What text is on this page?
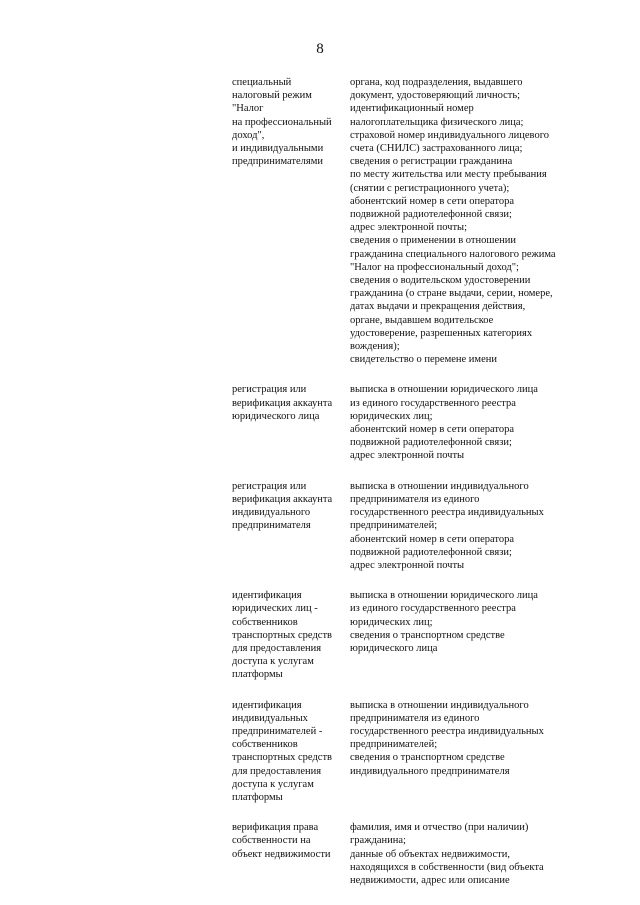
8
специальный
налоговый режим
"Налог
на профессиональный
доход",
и индивидуальными
предпринимателями
органа, код подразделения, выдавшего
документ, удостоверяющий личность;
идентификационный номер
налогоплательщика физического лица;
страховой номер индивидуального лицевого
счета (СНИЛС) застрахованного лица;
сведения о регистрации гражданина
по месту жительства или месту пребывания
(снятии с регистрационного учета);
абонентский номер в сети оператора
подвижной радиотелефонной связи;
адрес электронной почты;
сведения о применении в отношении
гражданина специального налогового режима
"Налог на профессиональный доход";
сведения о водительском удостоверении
гражданина (о стране выдачи, серии, номере,
датах выдачи и прекращения действия,
органе, выдавшем водительское
удостоверение, разрешенных категориях
вождения);
свидетельство о перемене имени
регистрация или
верификация аккаунта
юридического лица
выписка в отношении юридического лица
из единого государственного реестра
юридических лиц;
абонентский номер в сети оператора
подвижной радиотелефонной связи;
адрес электронной почты
регистрация или
верификация аккаунта
индивидуального
предпринимателя
выписка в отношении индивидуального
предпринимателя из единого
государственного реестра индивидуальных
предпринимателей;
абонентский номер в сети оператора
подвижной радиотелефонной связи;
адрес электронной почты
идентификация
юридических лиц -
собственников
транспортных средств
для предоставления
доступа к услугам
платформы
выписка в отношении юридического лица
из единого государственного реестра
юридических лиц;
сведения о транспортном средстве
юридического лица
идентификация
индивидуальных
предпринимателей -
собственников
транспортных средств
для предоставления
доступа к услугам
платформы
выписка в отношении индивидуального
предпринимателя из единого
государственного реестра индивидуальных
предпринимателей;
сведения о транспортном средстве
индивидуального предпринимателя
верификация права
собственности на
объект недвижимости
фамилия, имя и отчество (при наличии)
гражданина;
данные об объектах недвижимости,
находящихся в собственности (вид объекта
недвижимости, адрес или описание
